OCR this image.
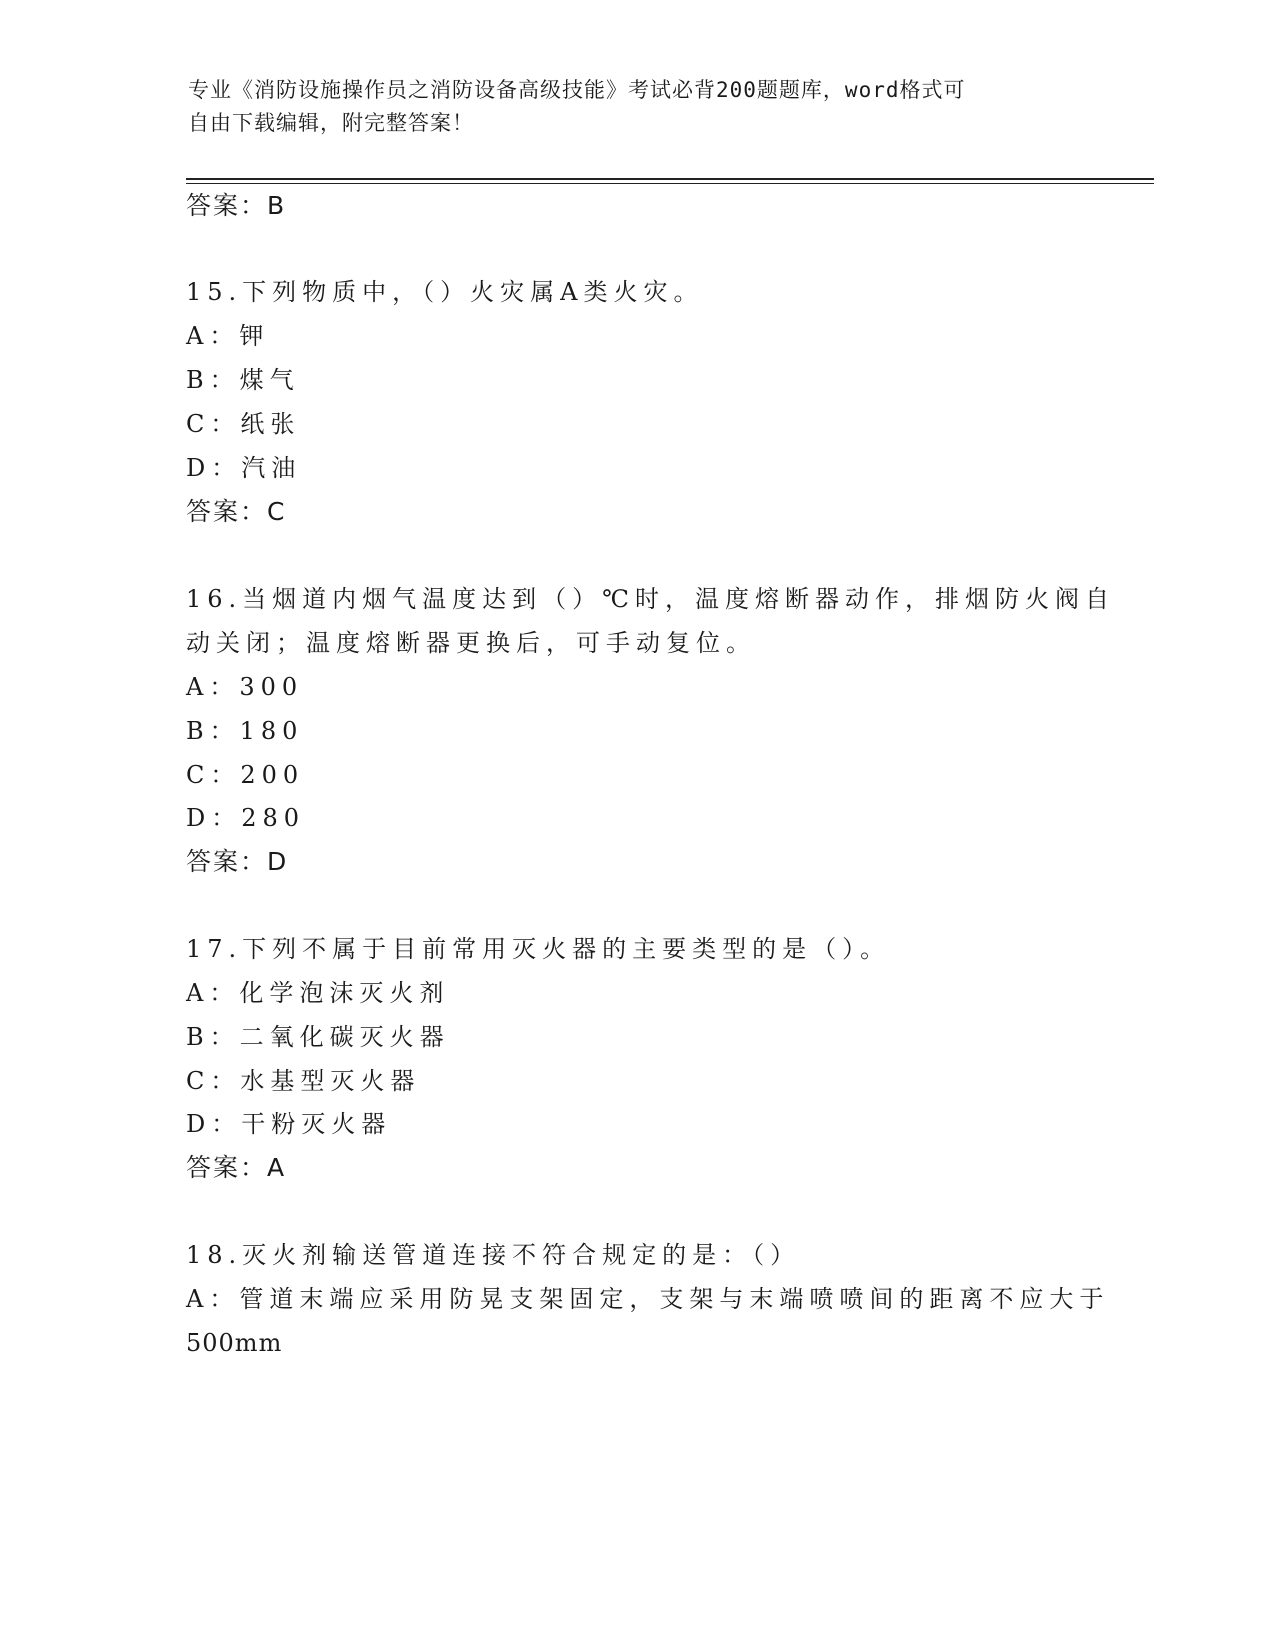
专业《消防设施操作员之消防设备高级技能》考试必背200题题库，word格式可
自由下载编辑，附完整答案！
答案：B
15.下列物质中，（）火灾属A类火灾。
A：钾
B：煤气
C：纸张
D：汽油
答案：C
16.当烟道内烟气温度达到（）℃时，温度熔断器动作，排烟防火阀自
动关闭；温度熔断器更换后，可手动复位。
A：300
B：180
C：200
D：280
答案：D
17.下列不属于目前常用灭火器的主要类型的是（）。
A：化学泡沫灭火剂
B：二氧化碳灭火器
C：水基型灭火器
D：干粉灭火器
答案：A
18.灭火剂输送管道连接不符合规定的是：（）
A：管道末端应采用防晃支架固定，支架与末端喷喷间的距离不应大于
500mm
